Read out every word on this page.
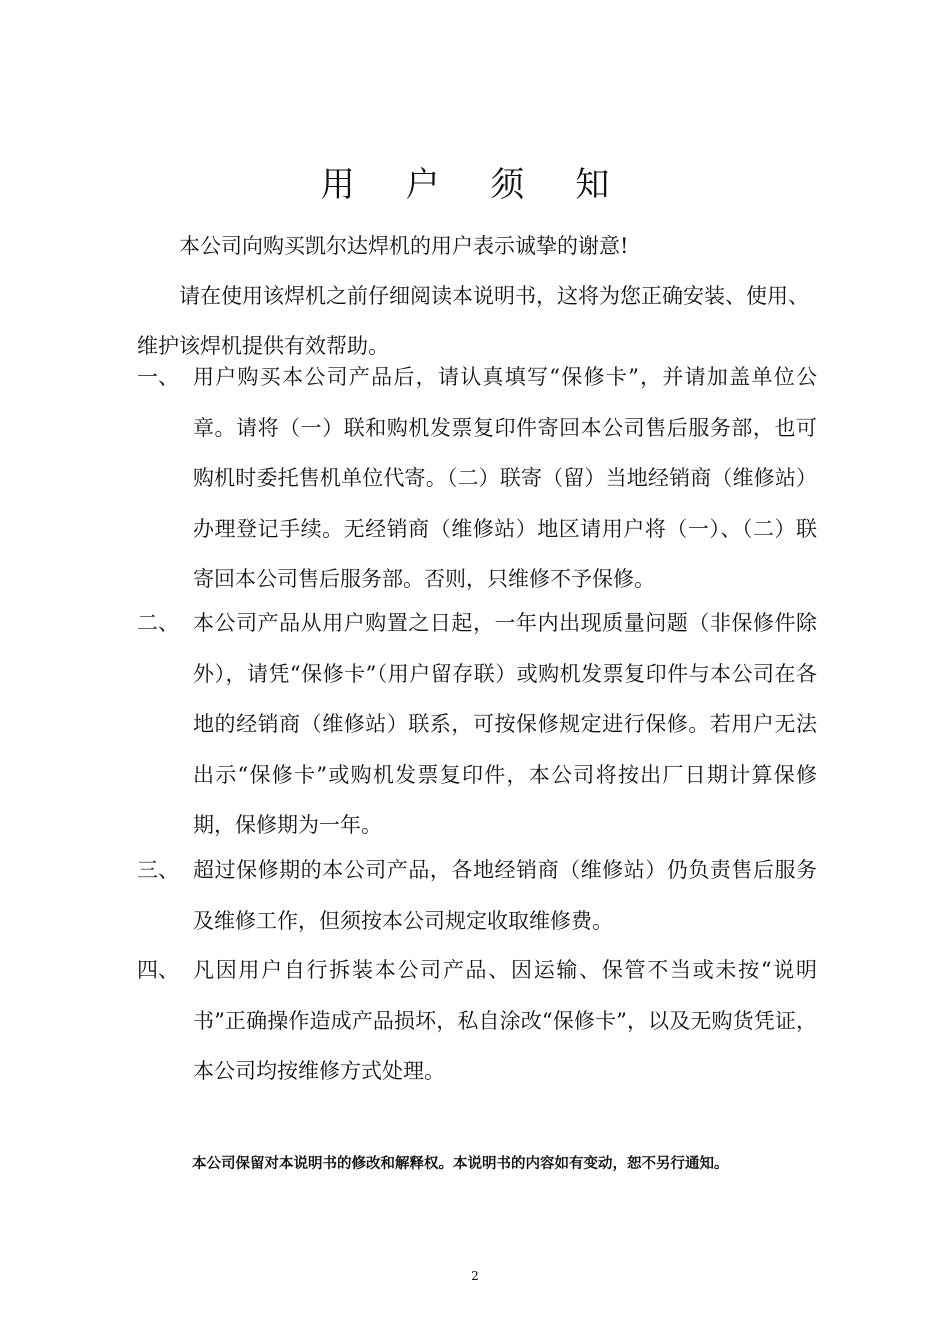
用 户 须 知

本公司向购买凯尔达焊机的用户表示诚挚的谢意!

请在使用该焊机之前仔细阅读本说明书，这将为您正确安装、使用、维护该焊机提供有效帮助。

一、 用户购买本公司产品后，请认真填写“保修卡”，并请加盖单位公章。请将（一）联和购机发票复印件寄回本公司售后服务部，也可购机时委托售机单位代寄。（二）联寄（留）当地经销商（维修站）办理登记手续。无经销商（维修站）地区请用户将（一）、（二）联寄回本公司售后服务部。否则，只维修不予保修。
二、 本公司产品从用户购置之日起，一年内出现质量问题（非保修件除外），请凭“保修卡”（用户留存联）或购机发票复印件与本公司在各地的经销商（维修站）联系，可按保修规定进行保修。若用户无法出示“保修卡”或购机发票复印件，本公司将按出厂日期计算保修期，保修期为一年。
三、 超过保修期的本公司产品，各地经销商（维修站）仍负责售后服务及维修工作，但须按本公司规定收取维修费。
四、 凡因用户自行拆装本公司产品、因运输、保管不当或未按“说明书”正确操作造成产品损坏，私自涂改“保修卡”，以及无购货凭证，本公司均按维修方式处理。
本公司保留对本说明书的修改和解释权。本说明书的内容如有变动，恕不另行通知。
2
